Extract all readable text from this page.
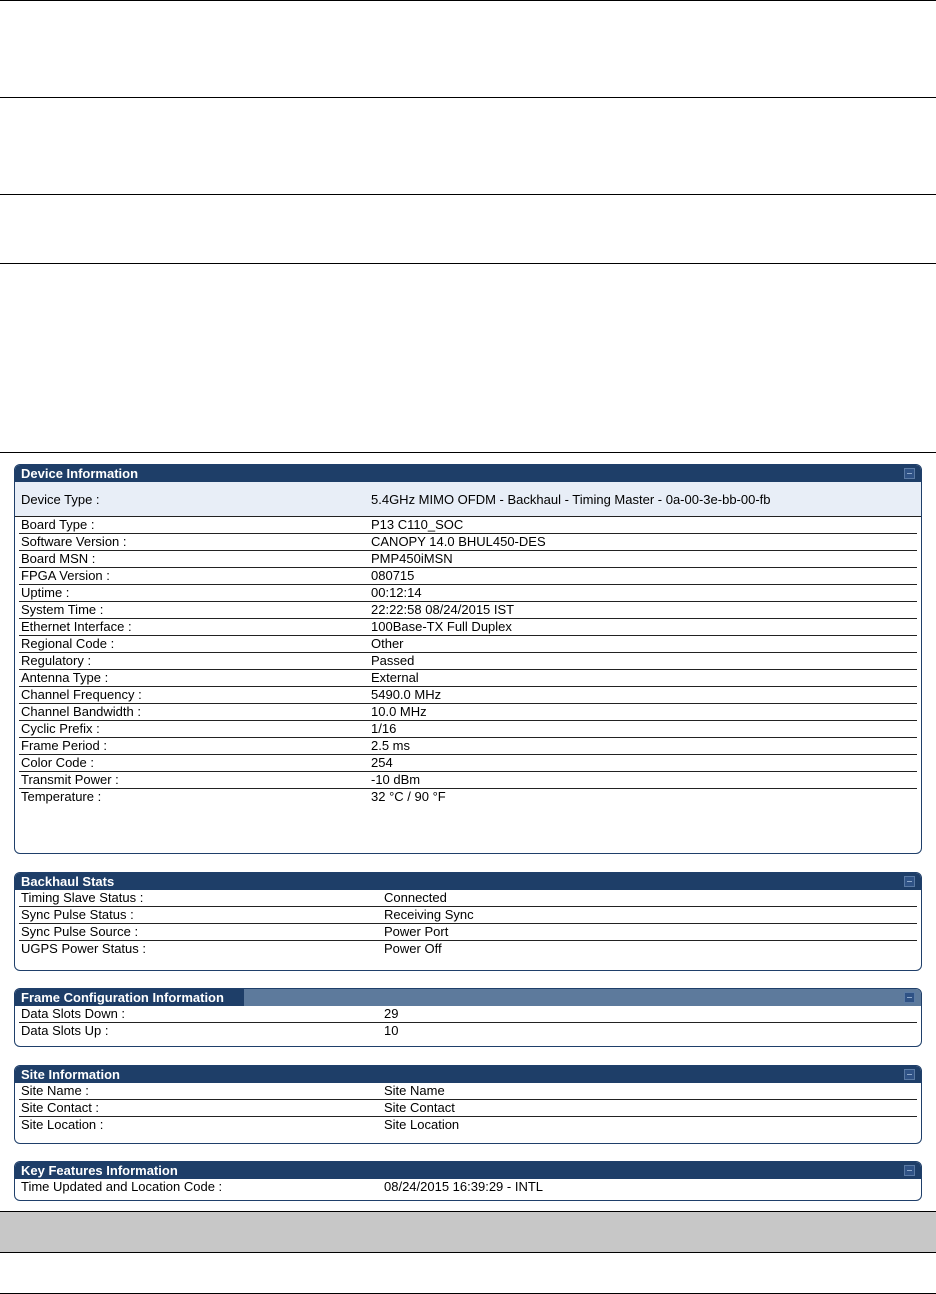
Device Information
Device Type :	5.4GHz MIMO OFDM - Backhaul - Timing Master - 0a-00-3e-bb-00-fb
Board Type :	P13 C110_SOC
Software Version :	CANOPY 14.0 BHUL450-DES
Board MSN :	PMP450iMSN
FPGA Version :	080715
Uptime :	00:12:14
System Time :	22:22:58 08/24/2015 IST
Ethernet Interface :	100Base-TX Full Duplex
Regional Code :	Other
Regulatory :	Passed
Antenna Type :	External
Channel Frequency :	5490.0 MHz
Channel Bandwidth :	10.0 MHz
Cyclic Prefix :	1/16
Frame Period :	2.5 ms
Color Code :	254
Transmit Power :	-10 dBm
Temperature :	32 °C / 90 °F
Backhaul Stats
Timing Slave Status :	Connected
Sync Pulse Status :	Receiving Sync
Sync Pulse Source :	Power Port
UGPS Power Status :	Power Off
Frame Configuration Information
Data Slots Down :	29
Data Slots Up :	10
Site Information
Site Name :	Site Name
Site Contact :	Site Contact
Site Location :	Site Location
Key Features Information
Time Updated and Location Code :	08/24/2015 16:39:29 - INTL
